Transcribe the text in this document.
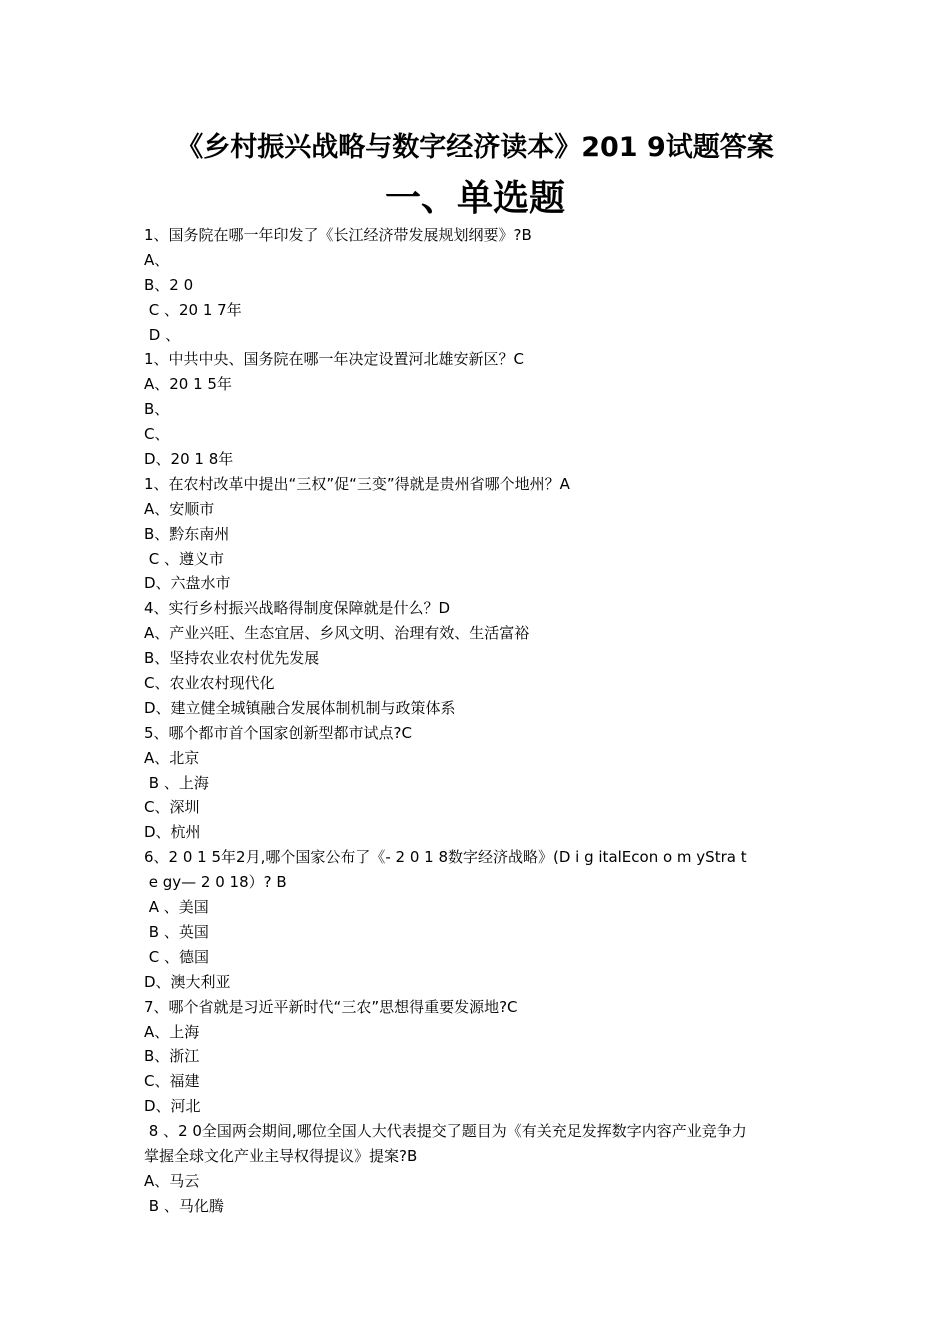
《乡村振兴战略与数字经济读本》201 9试题答案
一、单选题
1、国务院在哪一年印发了《长江经济带发展规划纲要》?B
A、
B、2 0
C 、20 1 7年
D 、
1、中共中央、国务院在哪一年决定设置河北雄安新区？C
A、20 1 5年
B、
C、
D、20 1 8年
1、在农村改革中提出“三权”促“三变”得就是贵州省哪个地州？A
A、安顺市
B、黔东南州
C 、遵义市
D、六盘水市
4、实行乡村振兴战略得制度保障就是什么？D
A、产业兴旺、生态宜居、乡风文明、治理有效、生活富裕
B、坚持农业农村优先发展
C、农业农村现代化
D、建立健全城镇融合发展体制机制与政策体系
5、哪个都市首个国家创新型都市试点?C
A、北京
B 、上海
C、深圳
D、杭州
6、2 0 1 5年2月,哪个国家公布了《- 2 0 1 8数字经济战略》(D i g italEcon o m yStra t
e gy— 2 0 18）? B
A 、美国
B 、英国
C 、德国
D、澳大利亚
7、哪个省就是习近平新时代“三农”思想得重要发源地?C
A、上海
B、浙江
C、福建
D、河北
8 、2 0全国两会期间,哪位全国人大代表提交了题目为《有关充足发挥数字内容产业竞争力
掌握全球文化产业主导权得提议》提案?B
A、马云
B 、马化腾
